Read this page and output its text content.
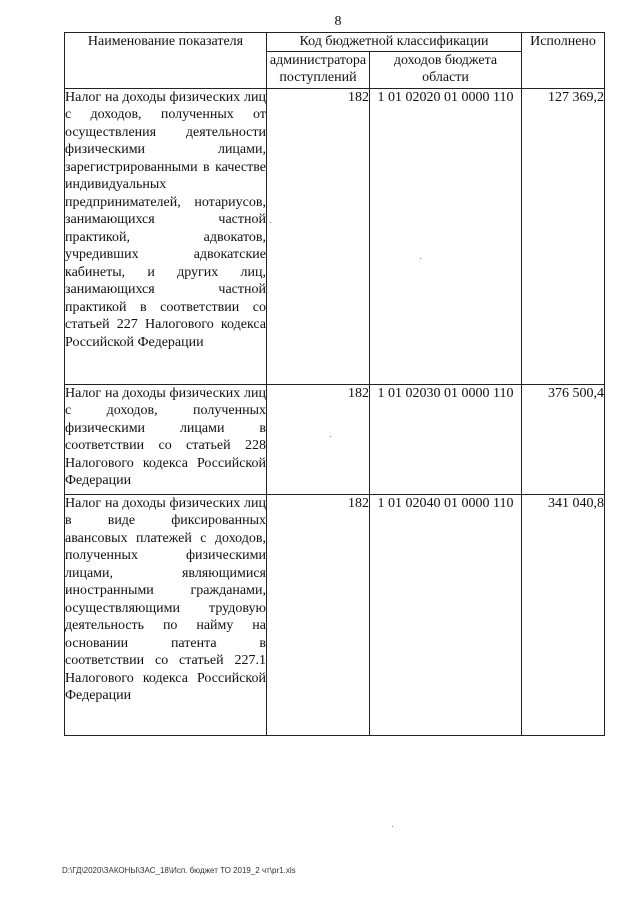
8
Наименование показателя	Код бюджетной классификации		Исполнено
	администратора поступлений	доходов бюджета области	
Налог на доходы физических лиц с доходов, полученных от осуществления деятельности физическими лицами, зарегистрированными в качестве индивидуальных предпринимателей, нотариусов, занимающихся частной практикой, адвокатов, учредивших адвокатские кабинеты, и других лиц, занимающихся частной практикой в соответствии со статьей 227 Налогового кодекса Российской Федерации	182	1 01 02020 01 0000 110	127 369,2
Налог на доходы физических лиц с доходов, полученных физическими лицами в соответствии со статьей 228 Налогового кодекса Российской Федерации	182	1 01 02030 01 0000 110	376 500,4
Налог на доходы физических лиц в виде фиксированных авансовых платежей с доходов, полученных физическими лицами, являющимися иностранными гражданами, осуществляющими трудовую деятельность по найму на основании патента в соответствии со статьей 227.1 Налогового кодекса Российской Федерации	182	1 01 02040 01 0000 110	341 040,8
D:\ГД\2020\ЗАКОНЫ\ЗАС_18\Исп. бюджет ТО 2019_2 чт\pr1.xls
